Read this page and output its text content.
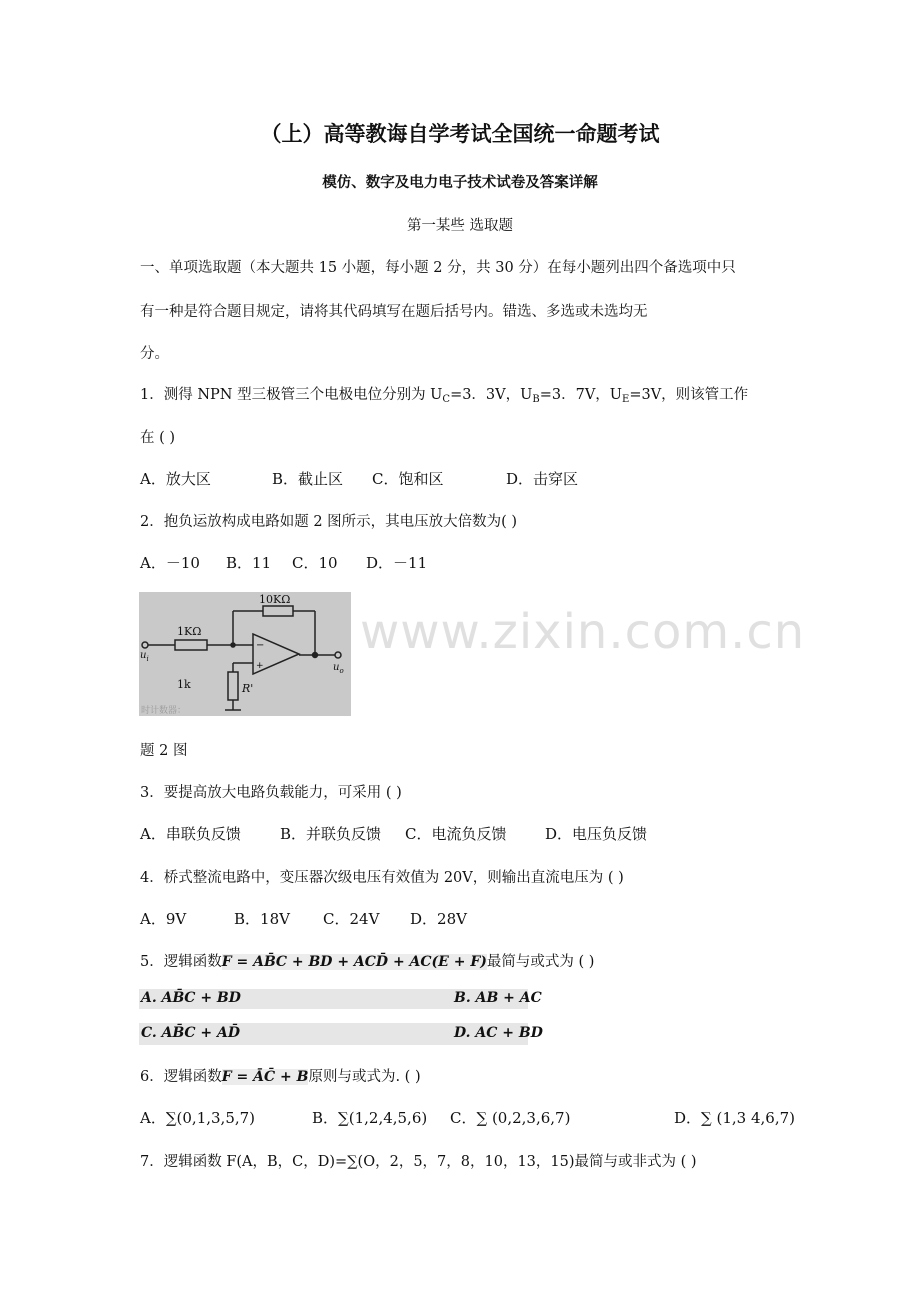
（上）高等教诲自学考试全国统一命题考试
模仿、数字及电力电子技术试卷及答案详解
第一某些 选取题
一、单项选取题（本大题共 15 小题，每小题 2 分，共 30 分）在每小题列出四个备选项中只
有一种是符合题目规定，请将其代码填写在题后括号内。错选、多选或未选均无
分。
1．测得 NPN 型三极管三个电极电位分别为 $U_C=3$．3V，$U_B=3$．7V，$U_E=3V$，则该管工作
在 ( )
A．放大区	B．截止区 C．饱和区	D．击穿区
2．抱负运放构成电路如题 2 图所示，其电压放大倍数为( )
A．－10 B．11 C．10 D．－11
www.zixin.com.cn
10KΩ
1KΩ
1k	R'
−
+
$u_i$
$u_o$
时计数器：
题 2 图
3．要提高放大电路负载能力，可采用 ( )
A．串联负反馈	B．并联负反馈 C．电流负反馈	D．电压负反馈
4．桥式整流电路中，变压器次级电压有效值为 20V，则输出直流电压为 ( )
A．9V	B．18V C．24V D．28V
5．逻辑函数F = AB̄C + BD + ACD̄ + AC(E + F)最简与或式为 ( )
A. AB̄C + BD	B. AB + AC
C. AB̄C + AD̄	D. AC + BD
6．逻辑函数F = ĀC̄ + B原则与或式为. ( )
A．∑(0,1,3,5,7)	B．∑(1,2,4,5,6) C．∑ (0,2,3,6,7)	D．∑ (1,3 4,6,7)
7．逻辑函数 F(A，B，C，D)=∑(O，2，5，7，8，10，13，15)最简与或非式为 ( )
